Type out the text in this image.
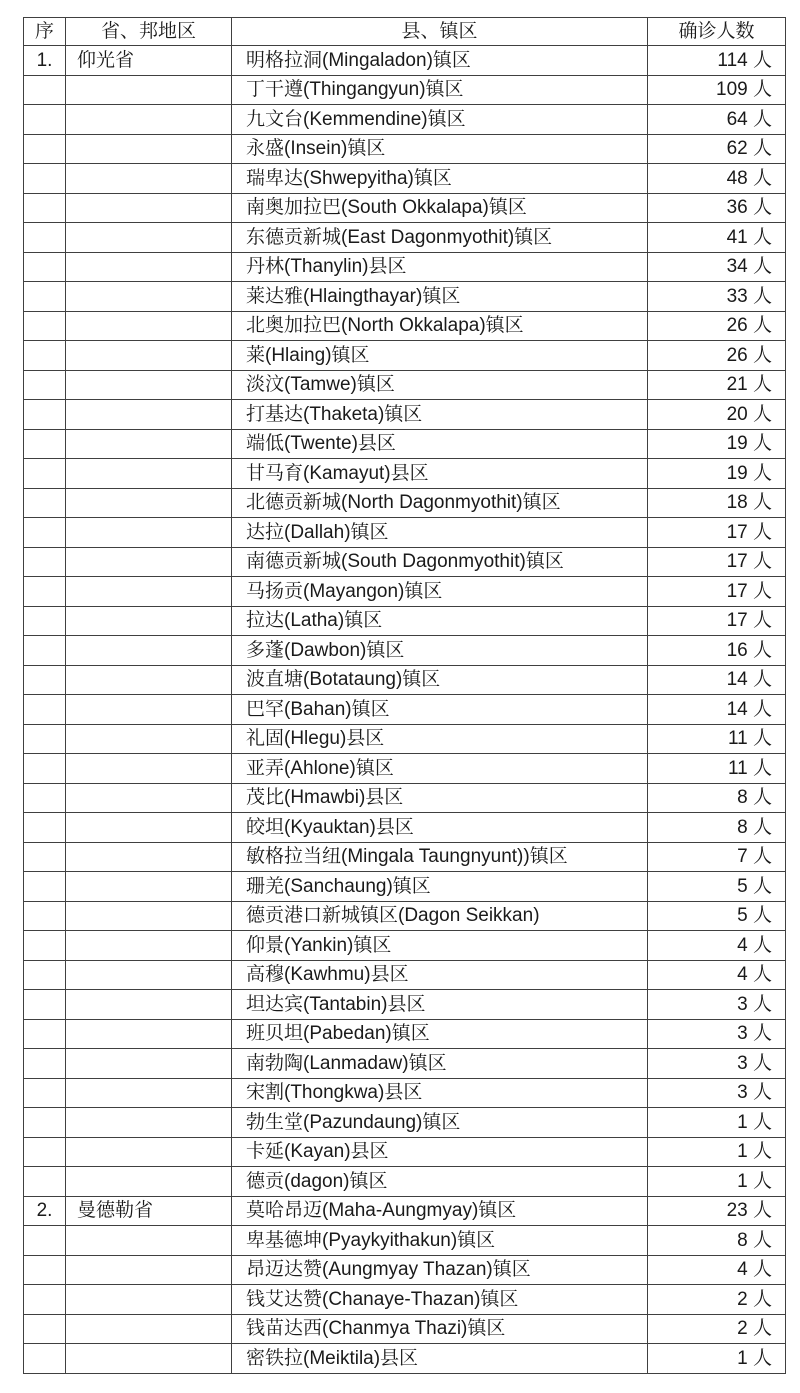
序	省、邦地区	县、镇区	确诊人数
1.	仰光省	明格拉洞(Mingaladon)镇区	114 人
		丁干遵(Thingangyun)镇区	109 人
		九文台(Kemmendine)镇区	64 人
		永盛(Insein)镇区	62 人
		瑞卑达(Shwepyitha)镇区	48 人
		南奥加拉巴(South Okkalapa)镇区	36 人
		东德贡新城(East Dagonmyothit)镇区	41 人
		丹林(Thanylin)县区	34 人
		莱达雅(Hlaingthayar)镇区	33 人
		北奥加拉巴(North Okkalapa)镇区	26 人
		莱(Hlaing)镇区	26 人
		淡汶(Tamwe)镇区	21 人
		打基达(Thaketa)镇区	20 人
		端低(Twente)县区	19 人
		甘马育(Kamayut)县区	19 人
		北德贡新城(North Dagonmyothit)镇区	18 人
		达拉(Dallah)镇区	17 人
		南德贡新城(South Dagonmyothit)镇区	17 人
		马扬贡(Mayangon)镇区	17 人
		拉达(Latha)镇区	17 人
		多蓬(Dawbon)镇区	16 人
		波直塘(Botataung)镇区	14 人
		巴罕(Bahan)镇区	14 人
		礼固(Hlegu)县区	11 人
		亚弄(Ahlone)镇区	11 人
		茂比(Hmawbi)县区	8 人
		皎坦(Kyauktan)县区	8 人
		敏格拉当纽(Mingala Taungnyunt))镇区	7 人
		珊羌(Sanchaung)镇区	5 人
		德贡港口新城镇区(Dagon Seikkan)	5 人
		仰景(Yankin)镇区	4 人
		高穆(Kawhmu)县区	4 人
		坦达宾(Tantabin)县区	3 人
		班贝坦(Pabedan)镇区	3 人
		南勃陶(Lanmadaw)镇区	3 人
		宋割(Thongkwa)县区	3 人
		勃生堂(Pazundaung)镇区	1 人
		卡延(Kayan)县区	1 人
		德贡(dagon)镇区	1 人
2.	曼德勒省	莫哈昂迈(Maha-Aungmyay)镇区	23 人
		卑基德坤(Pyaykyithakun)镇区	8 人
		昂迈达赞(Aungmyay Thazan)镇区	4 人
		钱艾达赞(Chanaye-Thazan)镇区	2 人
		钱苗达西(Chanmya Thazi)镇区	2 人
		密铁拉(Meiktila)县区	1 人
